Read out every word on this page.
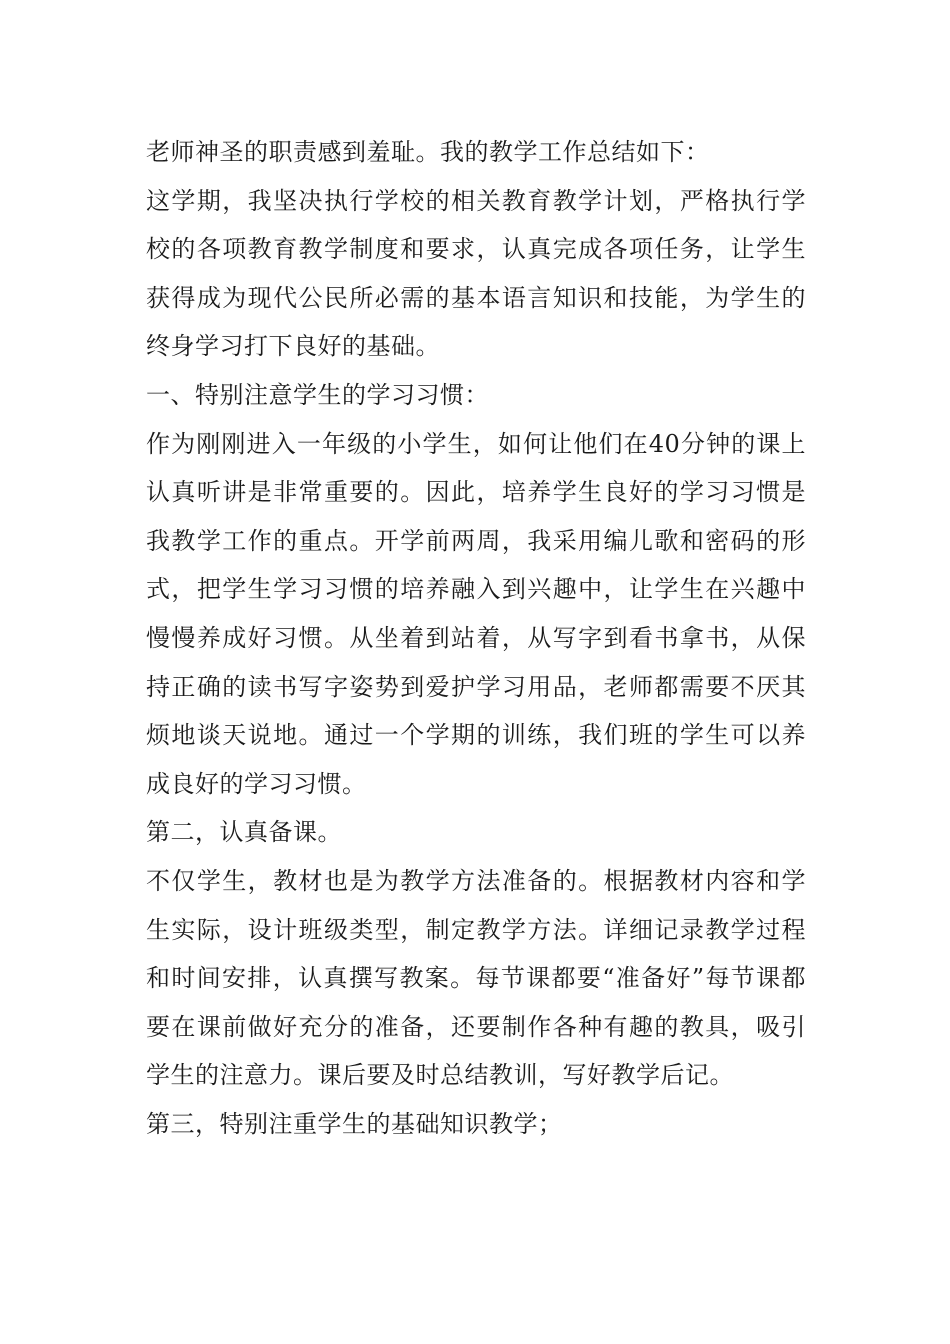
老师神圣的职责感到羞耻。我的教学工作总结如下：

这学期，我坚决执行学校的相关教育教学计划，严格执行学校的各项教育教学制度和要求，认真完成各项任务，让学生获得成为现代公民所必需的基本语言知识和技能，为学生的终身学习打下良好的基础。

一、特别注意学生的学习习惯：

作为刚刚进入一年级的小学生，如何让他们在40分钟的课上认真听讲是非常重要的。因此，培养学生良好的学习习惯是我教学工作的重点。开学前两周，我采用编儿歌和密码的形式，把学生学习习惯的培养融入到兴趣中，让学生在兴趣中慢慢养成好习惯。从坐着到站着，从写字到看书拿书，从保持正确的读书写字姿势到爱护学习用品，老师都需要不厌其烦地谈天说地。通过一个学期的训练，我们班的学生可以养成良好的学习习惯。

第二，认真备课。

不仅学生，教材也是为教学方法准备的。根据教材内容和学生实际，设计班级类型，制定教学方法。详细记录教学过程和时间安排，认真撰写教案。每节课都要“准备好”每节课都要在课前做好充分的准备，还要制作各种有趣的教具，吸引学生的注意力。课后要及时总结教训，写好教学后记。

第三，特别注重学生的基础知识教学；
